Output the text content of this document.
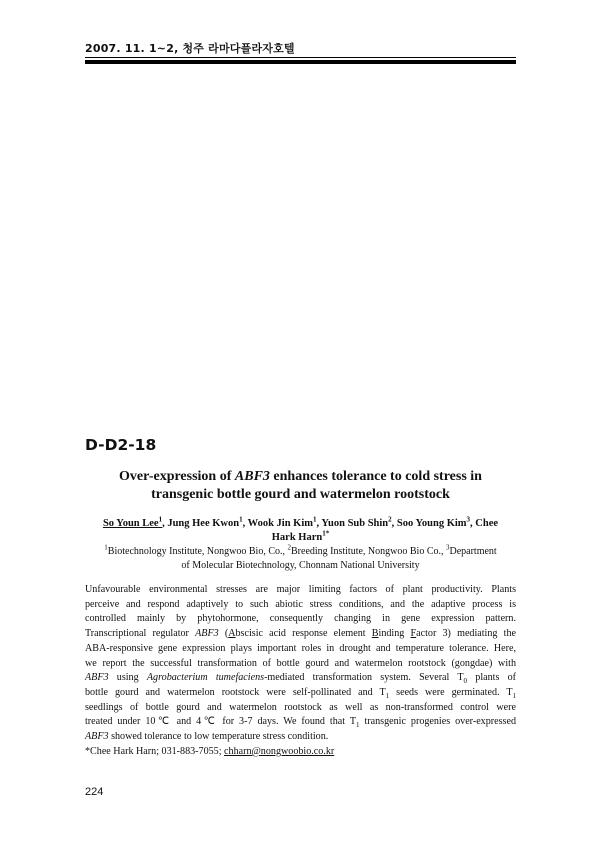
2007. 11. 1~2, 청주 라마다플라자호텔
D-D2-18
Over-expression of ABF3 enhances tolerance to cold stress in
transgenic bottle gourd and watermelon rootstock
So Youn Lee$^1$, Jung Hee Kwon$^1$, Wook Jin Kim$^1$, Yuon Sub Shin$^2$, Soo Young Kim$^3$, Chee
Hark Harn$^{1*}$
$^1$Biotechnology Institute, Nongwoo Bio, Co., $^2$Breeding Institute, Nongwoo Bio Co., $^3$Department
of Molecular Biotechnology, Chonnam National University
Unfavourable environmental stresses are major limiting factors of plant productivity. Plants
perceive and respond adaptively to such abiotic stress conditions, and the adaptive process is
controlled mainly by phytohormone, consequently changing in gene expression pattern.
Transcriptional regulator ABF3 (Abscisic acid response element Binding Factor 3) mediating the
ABA-responsive gene expression plays important roles in drought and temperature tolerance. Here,
we report the successful transformation of bottle gourd and watermelon rootstock (gongdae) with
ABF3 using Agrobacterium tumefaciens-mediated transformation system. Several $T_0$ plants of
bottle gourd and watermelon rootstock were self-pollinated and $T_1$ seeds were germinated. $T_1$
seedlings of bottle gourd and watermelon rootstock as well as non-transformed control were
treated under 10℃ and 4℃ for 3-7 days. We found that $T_1$ transgenic progenies over-expressed
ABF3 showed tolerance to low temperature stress condition.
*Chee Hark Harn; 031-883-7055; chharn@nongwoobio.co.kr
224
